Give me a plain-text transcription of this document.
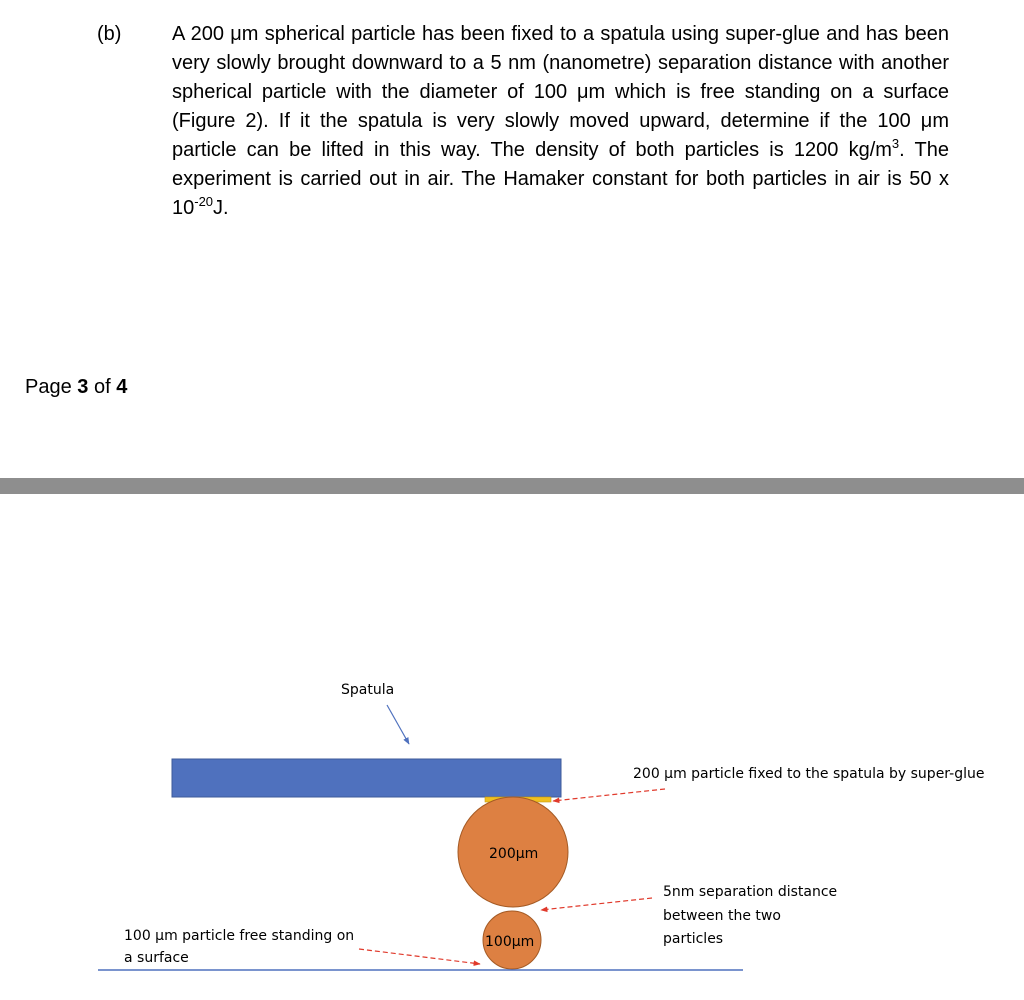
(b)	A 200 μm spherical particle has been fixed to a spatula using super-glue and has been very slowly brought downward to a 5 nm (nanometre) separation distance with another spherical particle with the diameter of 100 μm which is free standing on a surface (Figure 2). If it the spatula is very slowly moved upward, determine if the 100 μm particle can be lifted in this way. The density of both particles is 1200 $kg/m^3$. The experiment is carried out in air. The Hamaker constant for both particles in air is 50 x $10^{-20}J$.
Page 3 of 4
Spatula
200μm
100μm
200 μm particle fixed to the spatula by super-glue
5nm separation distance
between the two
particles
100 μm particle free standing on
a surface
